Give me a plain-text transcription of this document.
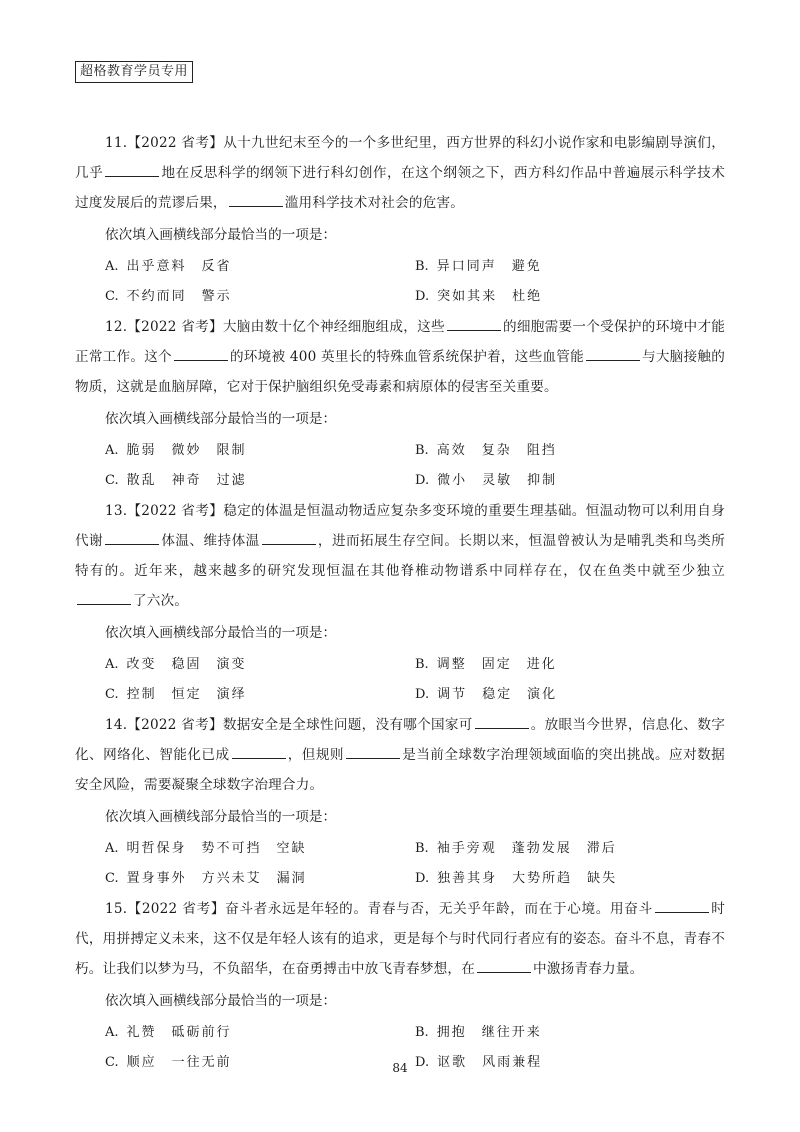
超格教育学员专用

11.【2022 省考】从十九世纪末至今的一个多世纪里，西方世界的科幻小说作家和电影编剧导演们，几乎	地在反思科学的纲领下进行科幻创作，在这个纲领之下，西方科幻作品中普遍展示科学技术过度发展后的荒谬后果，	滥用科学技术对社会的危害。

依次填入画横线部分最恰当的一项是：

A. 出乎意料　反省	B. 异口同声　避免
C. 不约而同　警示	D. 突如其来　杜绝

12.【2022 省考】大脑由数十亿个神经细胞组成，这些	的细胞需要一个受保护的环境中才能正常工作。这个	的环境被 400 英里长的特殊血管系统保护着，这些血管能	与大脑接触的物质，这就是血脑屏障，它对于保护脑组织免受毒素和病原体的侵害至关重要。

依次填入画横线部分最恰当的一项是：

A. 脆弱　微妙　限制	B. 高效　复杂　阻挡
C. 散乱　神奇　过滤	D. 微小　灵敏　抑制

13.【2022 省考】稳定的体温是恒温动物适应复杂多变环境的重要生理基础。恒温动物可以利用自身代谢	体温、维持体温	，进而拓展生存空间。长期以来，恒温曾被认为是哺乳类和鸟类所特有的。近年来，越来越多的研究发现恒温在其他脊椎动物谱系中同样存在，仅在鱼类中就至少独立了六次。

依次填入画横线部分最恰当的一项是：

A. 改变　稳固　演变	B. 调整　固定　进化
C. 控制　恒定　演绎	D. 调节　稳定　演化

14.【2022 省考】数据安全是全球性问题，没有哪个国家可	。放眼当今世界，信息化、数字化、网络化、智能化已成	，但规则	是当前全球数字治理领域面临的突出挑战。应对数据安全风险，需要凝聚全球数字治理合力。

依次填入画横线部分最恰当的一项是：

A. 明哲保身　势不可挡　空缺	B. 袖手旁观　蓬勃发展　滞后
C. 置身事外　方兴未艾　漏洞	D. 独善其身　大势所趋　缺失

15.【2022 省考】奋斗者永远是年轻的。青春与否，无关乎年龄，而在于心境。用奋斗	时代，用拼搏定义未来，这不仅是年轻人该有的追求，更是每个与时代同行者应有的姿态。奋斗不息，青春不朽。让我们以梦为马，不负韶华，在奋勇搏击中放飞青春梦想，在	中激扬青春力量。

依次填入画横线部分最恰当的一项是：

A. 礼赞　砥砺前行	B. 拥抱　继往开来
C. 顺应　一往无前	D. 讴歌　风雨兼程
84
